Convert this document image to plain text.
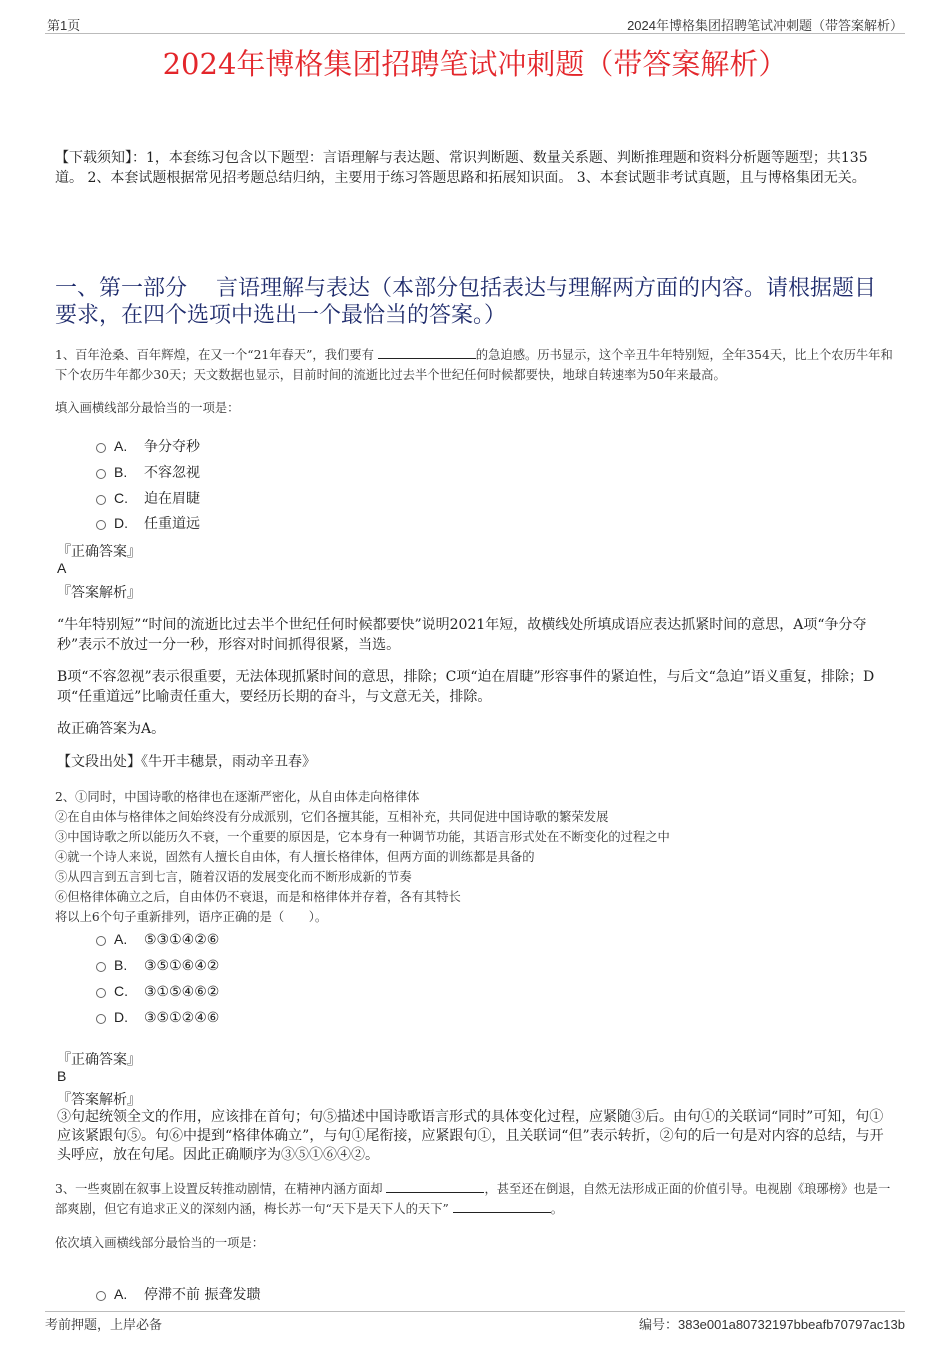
第1页	2024年博格集团招聘笔试冲刺题（带答案解析）
2024年博格集团招聘笔试冲刺题（带答案解析）
【下载须知】：1，本套练习包含以下题型：言语理解与表达题、常识判断题、数量关系题、判断推理题和资料分析题等题型；共135道。 2、本套试题根据常见招考题总结归纳，主要用于练习答题思路和拓展知识面。 3、本套试题非考试真题，且与博格集团无关。
一、第一部分　 言语理解与表达（本部分包括表达与理解两方面的内容。请根据题目要求，在四个选项中选出一个最恰当的答案。）
1、百年沧桑、百年辉煌，在又一个“21年春天”，我们要有	的急迫感。历书显示，这个辛丑牛年特别短，全年354天，比上个农历牛年和下个农历牛年都少30天；天文数据也显示，目前时间的流逝比过去半个世纪任何时候都要快，地球自转速率为50年来最高。
填入画横线部分最恰当的一项是：
A. 争分夺秒
B. 不容忽视
C. 迫在眉睫
D. 任重道远
『正确答案』
A
『答案解析』
“牛年特别短”“时间的流逝比过去半个世纪任何时候都要快”说明2021年短，故横线处所填成语应表达抓紧时间的意思，A项“争分夺秒”表示不放过一分一秒，形容对时间抓得很紧，当选。
B项“不容忽视”表示很重要，无法体现抓紧时间的意思，排除；C项“迫在眉睫”形容事件的紧迫性，与后文“急迫”语义重复，排除；D项“任重道远”比喻责任重大，要经历长期的奋斗，与文意无关，排除。
故正确答案为A。
【文段出处】《牛开丰穗景，雨动辛丑春》
2、①同时，中国诗歌的格律也在逐渐严密化，从自由体走向格律体
②在自由体与格律体之间始终没有分成派别，它们各擅其能，互相补充，共同促进中国诗歌的繁荣发展
③中国诗歌之所以能历久不衰，一个重要的原因是，它本身有一种调节功能，其语言形式处在不断变化的过程之中
④就一个诗人来说，固然有人擅长自由体，有人擅长格律体，但两方面的训练都是具备的
⑤从四言到五言到七言，随着汉语的发展变化而不断形成新的节奏
⑥但格律体确立之后，自由体仍不衰退，而是和格律体并存着，各有其特长
将以上6个句子重新排列，语序正确的是（　　）。
A. ⑤③①④②⑥
B. ③⑤①⑥④②
C. ③①⑤④⑥②
D. ③⑤①②④⑥
『正确答案』
B
『答案解析』
③句起统领全文的作用，应该排在首句；句⑤描述中国诗歌语言形式的具体变化过程，应紧随③后。由句①的关联词“同时”可知，句①应该紧跟句⑤。句⑥中提到“格律体确立”，与句①尾衔接，应紧跟句①，且关联词“但”表示转折，②句的后一句是对内容的总结，与开头呼应，放在句尾。因此正确顺序为③⑤①⑥④②。
3、一些爽剧在叙事上设置反转推动剧情，在精神内涵方面却	，甚至还在倒退，自然无法形成正面的价值引导。电视剧《琅琊榜》也是一部爽剧，但它有追求正义的深刻内涵，梅长苏一句“天下是天下人的天下”	。
依次填入画横线部分最恰当的一项是：
A. 停滞不前 振聋发聩
考前押题，上岸必备	编号：383e001a80732197bbeafb70797ac13b
